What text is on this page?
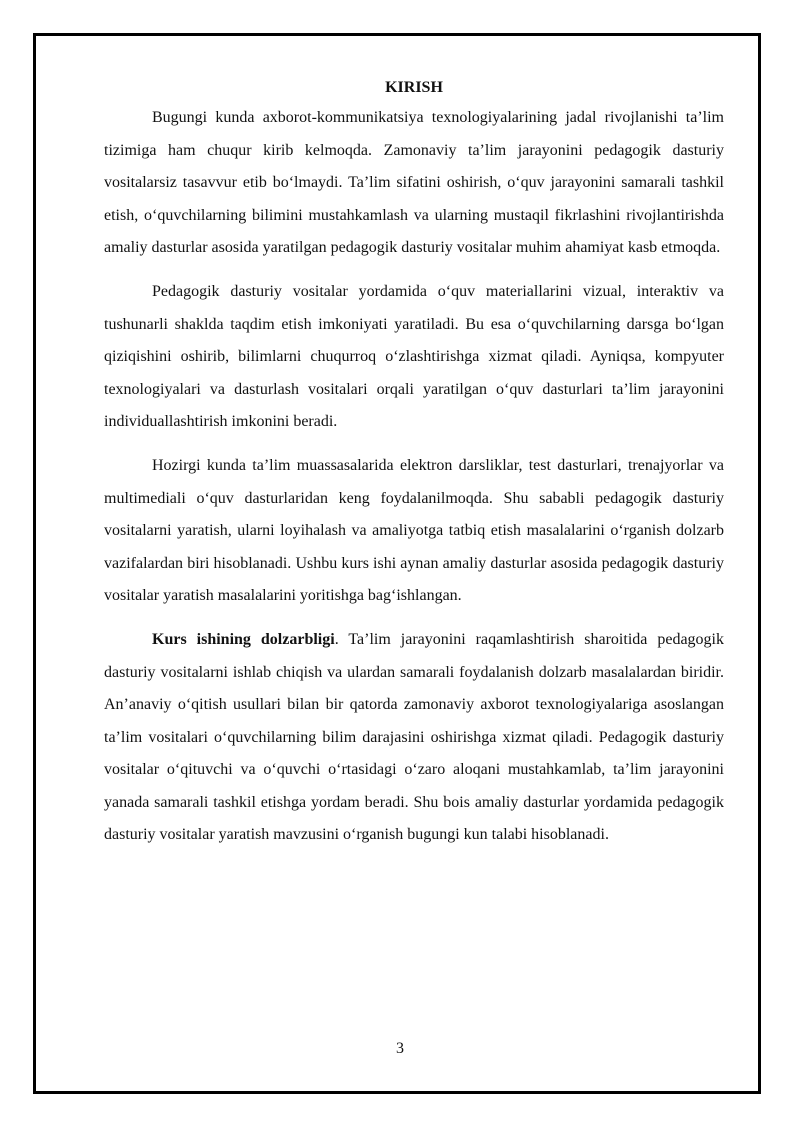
KIRISH

Bugungi kunda axborot-kommunikatsiya texnologiyalarining jadal rivojlanishi ta’lim tizimiga ham chuqur kirib kelmoqda. Zamonaviy ta’lim jarayonini pedagogik dasturiy vositalarsiz tasavvur etib bo‘lmaydi. Ta’lim sifatini oshirish, o‘quv jarayonini samarali tashkil etish, o‘quvchilarning bilimini mustahkamlash va ularning mustaqil fikrlashini rivojlantirishda amaliy dasturlar asosida yaratilgan pedagogik dasturiy vositalar muhim ahamiyat kasb etmoqda.

Pedagogik dasturiy vositalar yordamida o‘quv materiallarini vizual, interaktiv va tushunarli shaklda taqdim etish imkoniyati yaratiladi. Bu esa o‘quvchilarning darsga bo‘lgan qiziqishini oshirib, bilimlarni chuqurroq o‘zlashtirishga xizmat qiladi. Ayniqsa, kompyuter texnologiyalari va dasturlash vositalari orqali yaratilgan o‘quv dasturlari ta’lim jarayonini individuallashtirish imkonini beradi.

Hozirgi kunda ta’lim muassasalarida elektron darsliklar, test dasturlari, trenajyorlar va multimediali o‘quv dasturlaridan keng foydalanilmoqda. Shu sababli pedagogik dasturiy vositalarni yaratish, ularni loyihalash va amaliyotga tatbiq etish masalalarini o‘rganish dolzarb vazifalardan biri hisoblanadi. Ushbu kurs ishi aynan amaliy dasturlar asosida pedagogik dasturiy vositalar yaratish masalalarini yoritishga bag‘ishlangan.

Kurs ishining dolzarbligi. Ta’lim jarayonini raqamlashtirish sharoitida pedagogik dasturiy vositalarni ishlab chiqish va ulardan samarali foydalanish dolzarb masalalardan biridir. An’anaviy o‘qitish usullari bilan bir qatorda zamonaviy axborot texnologiyalariga asoslangan ta’lim vositalari o‘quvchilarning bilim darajasini oshirishga xizmat qiladi. Pedagogik dasturiy vositalar o‘qituvchi va o‘quvchi o‘rtasidagi o‘zaro aloqani mustahkamlab, ta’lim jarayonini yanada samarali tashkil etishga yordam beradi. Shu bois amaliy dasturlar yordamida pedagogik dasturiy vositalar yaratish mavzusini o‘rganish bugungi kun talabi hisoblanadi.

3
